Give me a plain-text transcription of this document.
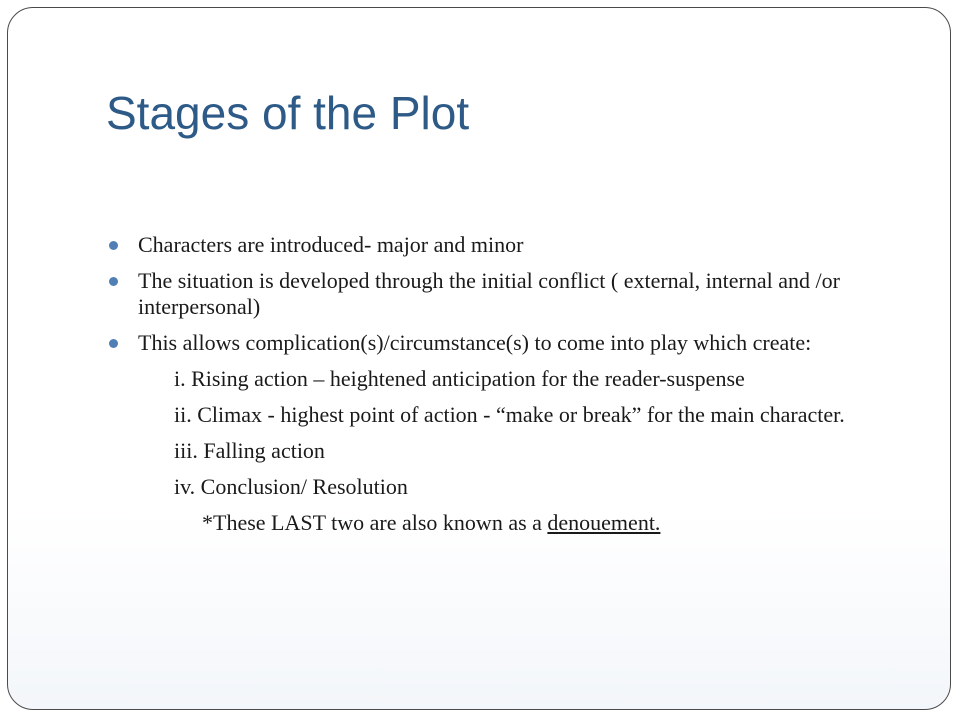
Stages of the Plot
Characters are introduced- major and minor
The situation is developed through the initial conflict ( external, internal and /or interpersonal)
This allows complication(s)/circumstance(s) to come into play which create:
i. Rising action – heightened anticipation for the reader-suspense
ii. Climax - highest point of action - “make or break” for the main character.
iii. Falling action
iv. Conclusion/ Resolution
*These LAST two are also known as a denouement.
